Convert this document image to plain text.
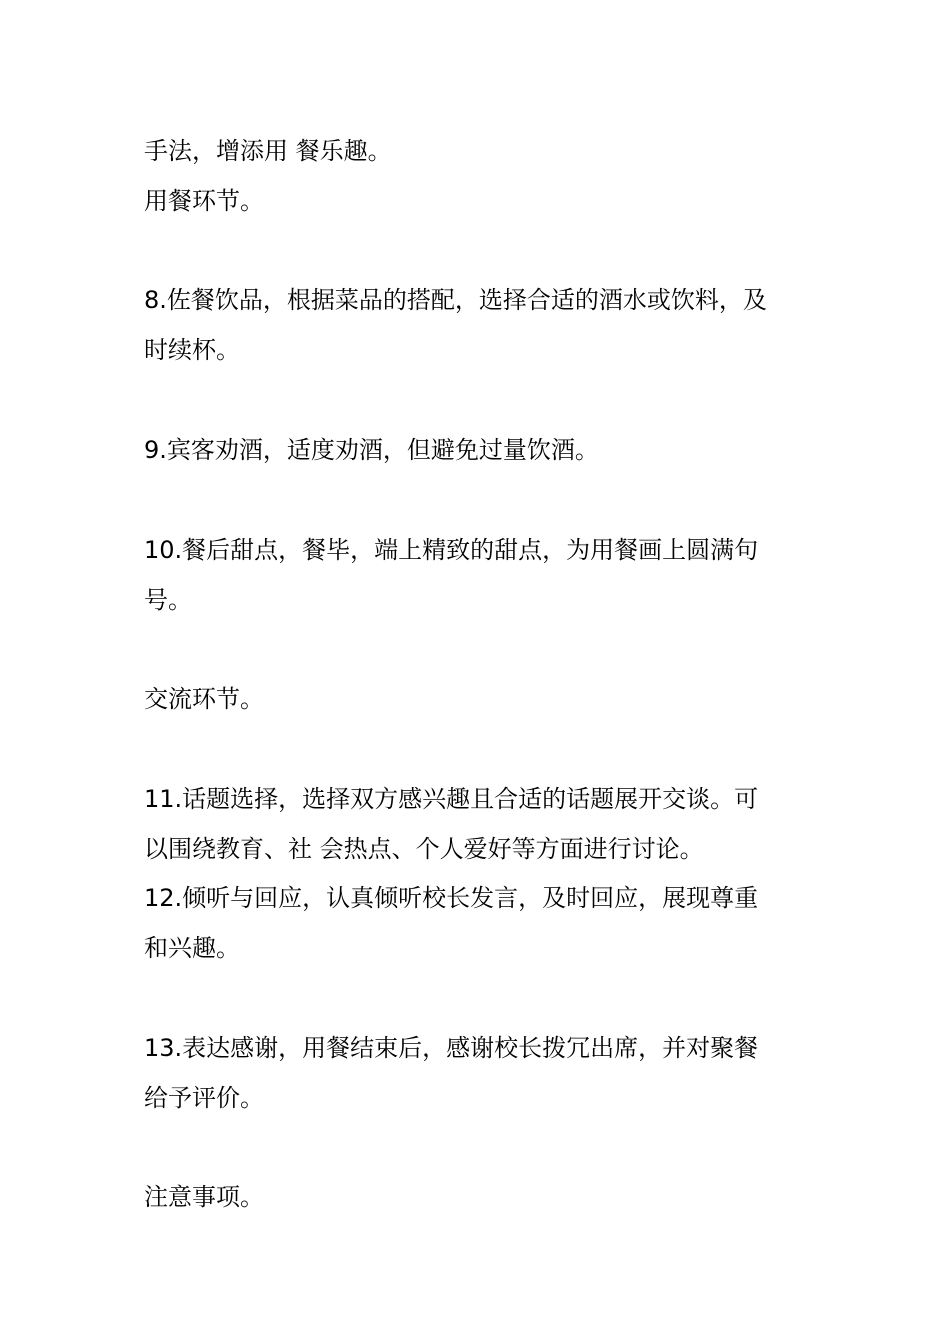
手法，增添用 餐乐趣。
用餐环节。
8.佐餐饮品，根据菜品的搭配，选择合适的酒水或饮料，及
时续杯。
9.宾客劝酒，适度劝酒，但避免过量饮酒。
10.餐后甜点，餐毕，端上精致的甜点，为用餐画上圆满句
号。
交流环节。
11.话题选择，选择双方感兴趣且合适的话题展开交谈。可
以围绕教育、社 会热点、个人爱好等方面进行讨论。
12.倾听与回应，认真倾听校长发言，及时回应，展现尊重
和兴趣。
13.表达感谢，用餐结束后，感谢校长拨冗出席，并对聚餐
给予评价。
注意事项。
